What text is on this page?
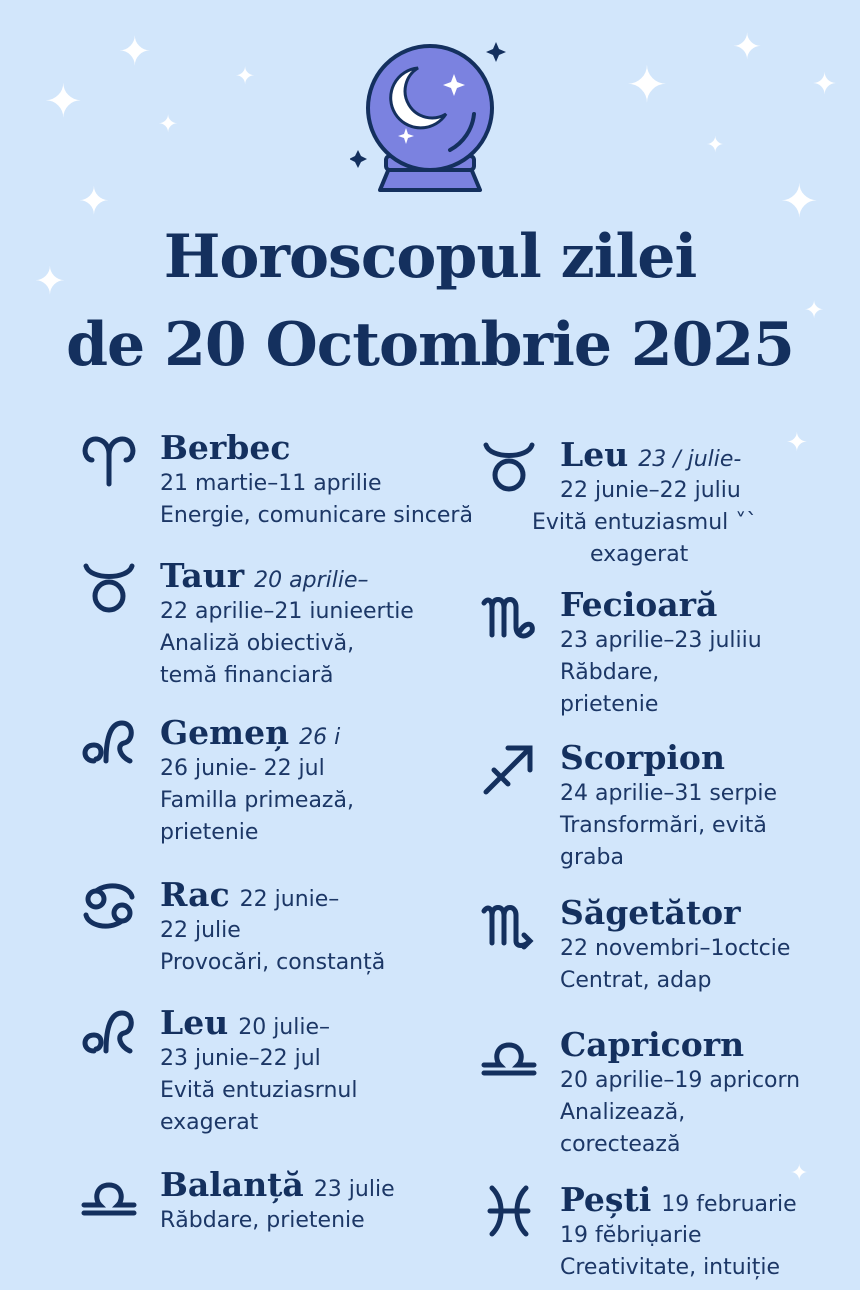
✦
✦	✦
✦
✦
✦
✦
✦	✦
✦
✦
✦
✦
✦
Horoscopul zilei
de 20 Octombrie 2025
Berbec
21 martie–11 aprilie
Energie, comunicare sinceră
Taur 20 aprilie–
22 aprilie–21 iunieertie
Analiză obiectivă,
temă financiară
Gemeņ 26 i
26 junie- 22 jul
Familla primează,
prietenie
Rac 22 junie–
22 julie
Provocări, constanță
Leu 20 julie–
23 junie–22 jul
Evită entuziasrnul
exagerat
Balanță 23 julie
Răbdare, prietenie
Leu 23 / julie-
22 junie–22 juliu
Evită entuziasmul ˅`
exagerat
Fecioară
23 aprilie–23 juliiu
Răbdare,
prietenie
Scorpion
24 aprilie–31 serpie
Transformări, evită
graba
Săgetător
22 novembri–1octcie
Centrat, adap
Capricorn
20 aprilie–19 apricorn
Analizează,
corectează
Pești 19 februarie
19 fĕbriụarie
Creativitate, intuiție
